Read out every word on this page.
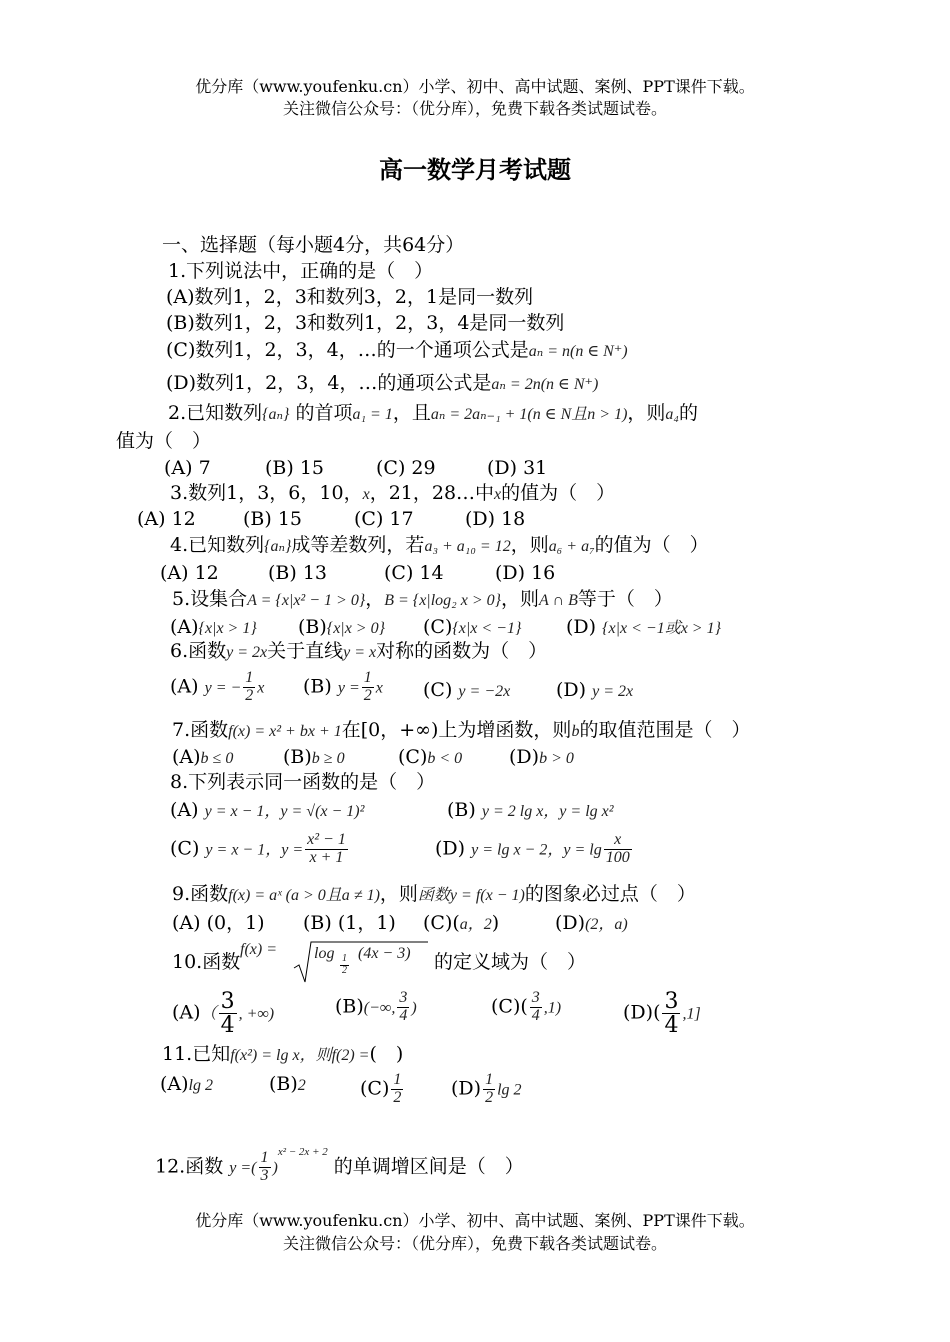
优分库（www.youfenku.cn）小学、初中、高中试题、案例、PPT课件下载。
关注微信公众号：（优分库），免费下载各类试题试卷。
高一数学月考试题
一、选择题（每小题4分，共64分）
1.下列说法中，正确的是（　）
(A)数列1，2，3和数列3，2，1是同一数列
(B)数列1，2，3和数列1，2，3，4是同一数列
(C)数列1，2，3，4，…的一个通项公式是aₙ = n(n ∈ N⁺)
(D)数列1，2，3，4，…的通项公式是aₙ = 2n(n ∈ N⁺)
2.已知数列{aₙ} 的首项a₁ = 1，且aₙ = 2aₙ₋₁ + 1(n ∈ N且n > 1)，则a₄的
值为（　）
(A) 7	(B) 15	(C) 29	(D) 31
3.数列1，3，6，10，x，21，28…中x的值为（　）
(A) 12 (B) 15	(C) 17	(D) 18
4.已知数列{aₙ}成等差数列，若a₃ + a₁₀ = 12，则a₆ + a₇的值为（　）
(A) 12	(B) 13	(C) 14	(D) 16
5.设集合A = {x|x² − 1 > 0}，B = {x|log₂ x > 0}，则A ∩ B等于（　）
(A){x|x > 1} (B){x|x > 0} (C){x|x < −1} (D) {x|x < −1或x > 1}
6.函数y = 2x关于直线y = x对称的函数为（　）
(A) y = − $\frac{1}{2}$ x (B) $y = \frac{1}{2}$ x (C) y = −2x (D) y = 2x
7.函数f(x) = x² + bx + 1在[0，+∞)上为增函数，则b的取值范围是（　）
(A)b ≤ 0	(B)b ≥ 0	(C)b < 0 (D)b > 0
8.下列表示同一函数的是（　）
(A) y = x − 1，y = √(x − 1)²	(B) y = 2 lg x，y = lg x²
(C) y = x − 1，$y = \frac{\text{x² − 1}}{x + 1}$	(D) y = lg x − 2，$y = \lg \frac{x}{100}$
9.函数f(x) = aˣ (a > 0且a ≠ 1)，则函数y = f(x − 1)的图象必过点（　）
(A) (0，1) (B) (1，1) (C)(a，2)	(D)(2，a)
10.函数
f(x) = log
$\frac{1}{2}$
(4x − 3) 的定义域为（　）
$(A)( \frac{3}{4}$ , +∞)	(B)(−∞, $\frac{3}{4}$ )	$(C)( \frac{3}{4} ,1)$	$(D)( \frac{3}{4} ,1]$
11.已知f(x²) = lg x，则f(2) =(　)
(A)lg 2	(B)2	$(C) \frac{1}{2}$	$(D) \frac{1}{2}$ lg 2
12.函数 y =( $\frac{1}{3} )^{x^2 - 2x + 2}$ 的单调增区间是（　）
优分库（www.youfenku.cn）小学、初中、高中试题、案例、PPT课件下载。
关注微信公众号：（优分库），免费下载各类试题试卷。
